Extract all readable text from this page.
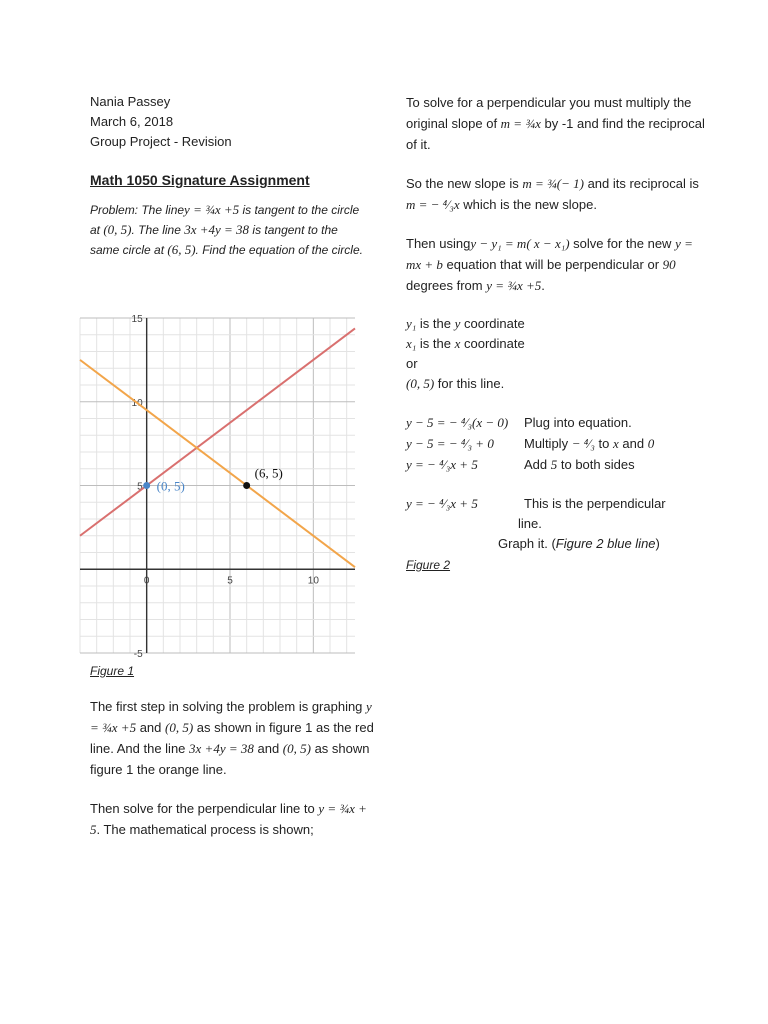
Nania Passey
March 6, 2018
Group Project - Revision
Math 1050 Signature Assignment
Problem: The liney = ¾x +5 is tangent to the circle at (0, 5). The line 3x +4y = 38 is tangent to the same circle at (6, 5). Find the equation of the circle.
0	5	10
15
10
5
-5
(0, 5)
(6, 5)
Figure 1
The first step in solving the problem is graphing y = ¾x +5 and (0, 5) as shown in figure 1 as the red line. And the line 3x +4y = 38 and (0, 5) as shown figure 1 the orange line.
Then solve for the perpendicular line to y = ¾x + 5. The mathematical process is shown;
To solve for a perpendicular you must multiply the original slope of m = ¾x by -1 and find the reciprocal of it.
So the new slope is m = ¾(− 1) and its reciprocal is m = − ⁴⁄₃x which is the new slope.
Then usingy − y₁ = m( x − x₁) solve for the new y = mx + b equation that will be perpendicular or 90 degrees from y = ¾x +5.
y₁ is the y coordinate
x₁ is the x coordinate
or
(0, 5) for this line.
y − 5 = − ⁴⁄₃(x − 0)	Plug into equation.
y − 5 = − ⁴⁄₃ + 0	Multiply − ⁴⁄₃ to x and 0
y = − ⁴⁄₃x + 5	Add 5 to both sides
y = − ⁴⁄₃x + 5	This is the perpendicular
line.
Graph it. (Figure 2 blue line)
Figure 2
